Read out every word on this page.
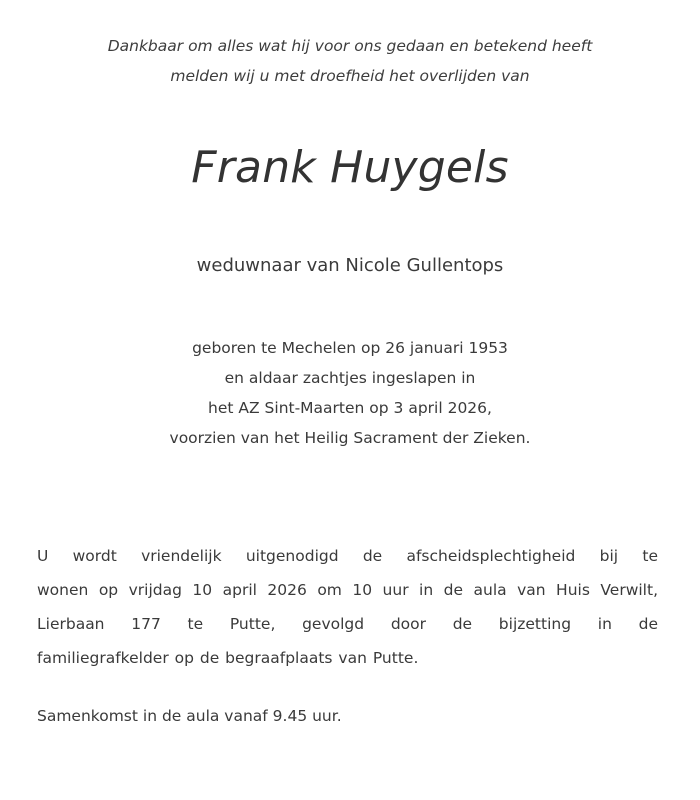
Dankbaar om alles wat hij voor ons gedaan en betekend heeft
melden wij u met droefheid het overlijden van
Frank Huygels
weduwnaar van Nicole Gullentops
geboren te Mechelen op 26 januari 1953
en aldaar zachtjes ingeslapen in
het AZ Sint-Maarten op 3 april 2026,
voorzien van het Heilig Sacrament der Zieken.
U wordt vriendelijk uitgenodigd de afscheidsplechtigheid bij te
wonen op vrijdag 10 april 2026 om 10 uur in de aula van Huis Verwilt,
Lierbaan 177 te Putte, gevolgd door de bijzetting in de
familiegrafkelder op de begraafplaats van Putte.
Samenkomst in de aula vanaf 9.45 uur.
